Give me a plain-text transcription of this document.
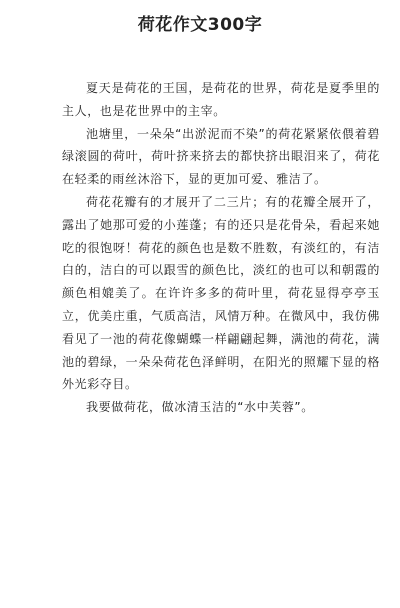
荷花作文300字

夏天是荷花的王国，是荷花的世界，荷花是夏季里的主人，也是花世界中的主宰。

池塘里，一朵朵“出淤泥而不染”的荷花紧紧依偎着碧绿滚圆的荷叶，荷叶挤来挤去的都快挤出眼泪来了，荷花在轻柔的雨丝沐浴下，显的更加可爱、雅洁了。

荷花花瓣有的才展开了二三片；有的花瓣全展开了，露出了她那可爱的小莲蓬；有的还只是花骨朵，看起来她吃的很饱呀！荷花的颜色也是数不胜数，有淡红的，有洁白的，洁白的可以跟雪的颜色比，淡红的也可以和朝霞的颜色相媲美了。在许许多多的荷叶里，荷花显得亭亭玉立，优美庄重，气质高洁，风情万种。在微风中，我仿佛看见了一池的荷花像蝴蝶一样翩翩起舞，满池的荷花，满池的碧绿，一朵朵荷花色泽鲜明，在阳光的照耀下显的格外光彩夺目。

我要做荷花，做冰清玉洁的“水中芙蓉”。
